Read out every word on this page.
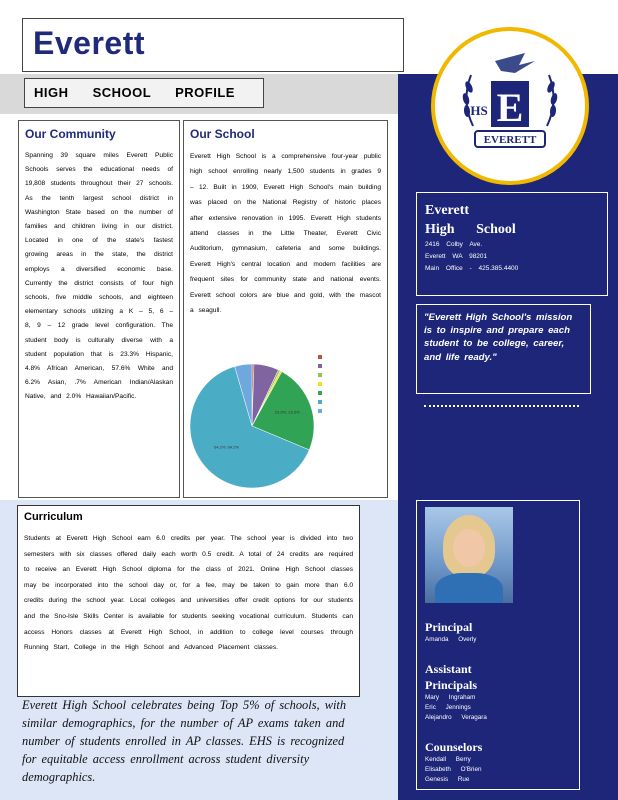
Everett
HIGH SCHOOL PROFILE	E
HS
EVERETT
Our Community

Spanning 39 square miles Everett Public Schools serves the educational needs of 19,808 students throughout their 27 schools. As the tenth largest school district in Washington State based on the number of families and children living in our district. Located in one of the state's fastest growing areas in the state, the district employs a diversified economic base. Currently the district consists of four high schools, five middle schools, and eighteen elementary schools utilizing a K – 5, 6 – 8, 9 – 12 grade level configuration. The student body is culturally diverse with a student population that is 23.3% Hispanic, 4.8% African American, 57.6% White and 6.2% Asian, .7% American Indian/Alaskan Native, and 2.0% Hawaiian/Pacific.

Our School

Everett High School is a comprehensive four-year public high school enrolling nearly 1,500 students in grades 9 – 12. Built in 1909, Everett High School's main building was placed on the National Registry of historic places after extensive renovation in 1995. Everett High students attend classes in the Little Theater, Everett Civic Auditorium, gymnasium, cafeteria and some buildings. Everett High's central location and modern facilities are frequent sites for community state and national events. Everett school colors are blue and gold, with the mascot a seagull.

23.3%; 23.3%
64.2%; 64.2%
Curriculum

Students at Everett High School earn 6.0 credits per year. The school year is divided into two semesters with six classes offered daily each worth 0.5 credit. A total of 24 credits are required to receive an Everett High School diploma for the class of 2021. Online High School classes may be incorporated into the school day or, for a fee, may be taken to gain more than 6.0 credits during the school year. Local colleges and universities offer credit options for our students and the Sno-Isle Skills Center is available for students seeking vocational curriculum. Students can access Honors classes at Everett High School, in addition to college level courses through Running Start, College in the High School and Advanced Placement classes.

Everett High School celebrates being Top 5% of schools, with similar demographics, for the number of AP exams taken and number of students enrolled in AP classes. EHS is recognized for equitable access enrollment across student diversity demographics.
Everett
High School
2416 Colby Ave.
Everett WA 98201
Main Office - 425.385.4400
"Everett High School's mission is to inspire and prepare each student to be college, career, and life ready."
Principal
Amanda Overly
Assistant Principals
Mary Ingraham
Eric Jennings
Alejandro Veragara
Counselors
Kendall Berry
Elisabeth O'Brien
Genesis Rue
